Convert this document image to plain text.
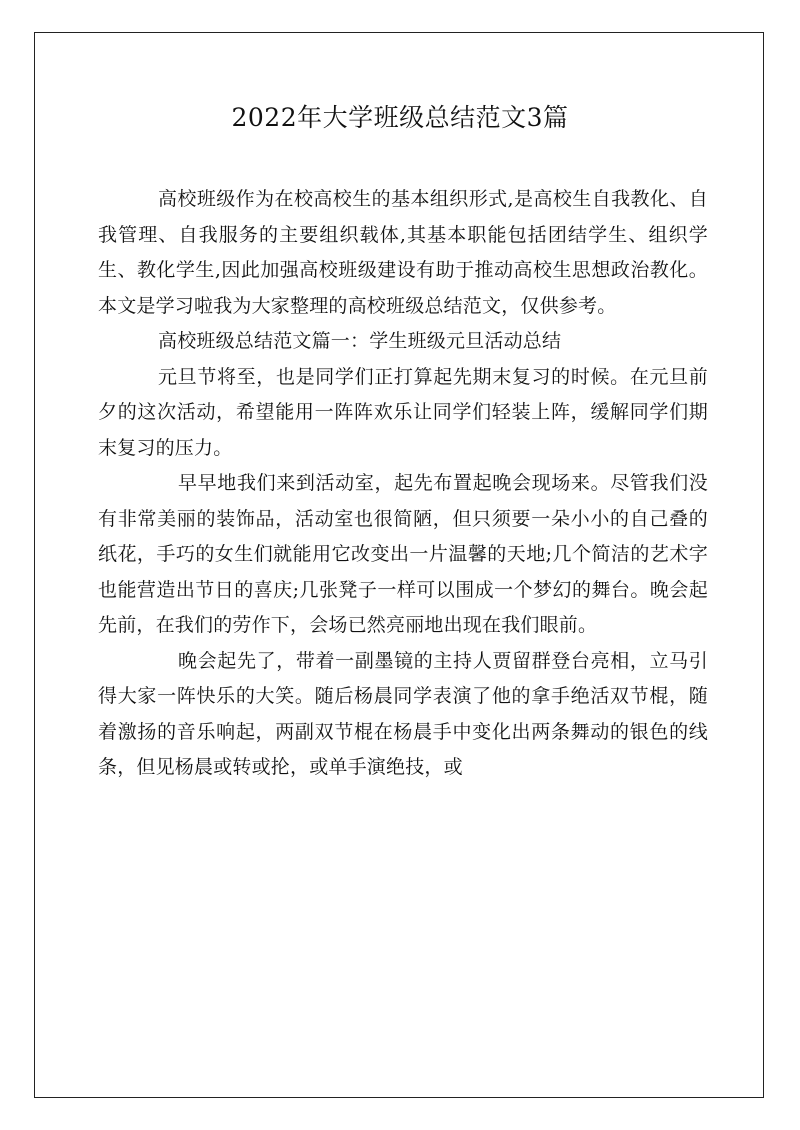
2022年大学班级总结范文3篇

高校班级作为在校高校生的基本组织形式,是高校生自我教化、自我管理、自我服务的主要组织载体,其基本职能包括团结学生、组织学生、教化学生,因此加强高校班级建设有助于推动高校生思想政治教化。本文是学习啦我为大家整理的高校班级总结范文，仅供参考。

高校班级总结范文篇一：学生班级元旦活动总结

元旦节将至，也是同学们正打算起先期末复习的时候。在元旦前夕的这次活动，希望能用一阵阵欢乐让同学们轻装上阵，缓解同学们期末复习的压力。

早早地我们来到活动室，起先布置起晚会现场来。尽管我们没有非常美丽的装饰品，活动室也很简陋，但只须要一朵小小的自己叠的纸花，手巧的女生们就能用它改变出一片温馨的天地;几个简洁的艺术字也能营造出节日的喜庆;几张凳子一样可以围成一个梦幻的舞台。晚会起先前，在我们的劳作下，会场已然亮丽地出现在我们眼前。

晚会起先了，带着一副墨镜的主持人贾留群登台亮相，立马引得大家一阵快乐的大笑。随后杨晨同学表演了他的拿手绝活双节棍，随着激扬的音乐响起，两副双节棍在杨晨手中变化出两条舞动的银色的线条，但见杨晨或转或抡，或单手演绝技，或
